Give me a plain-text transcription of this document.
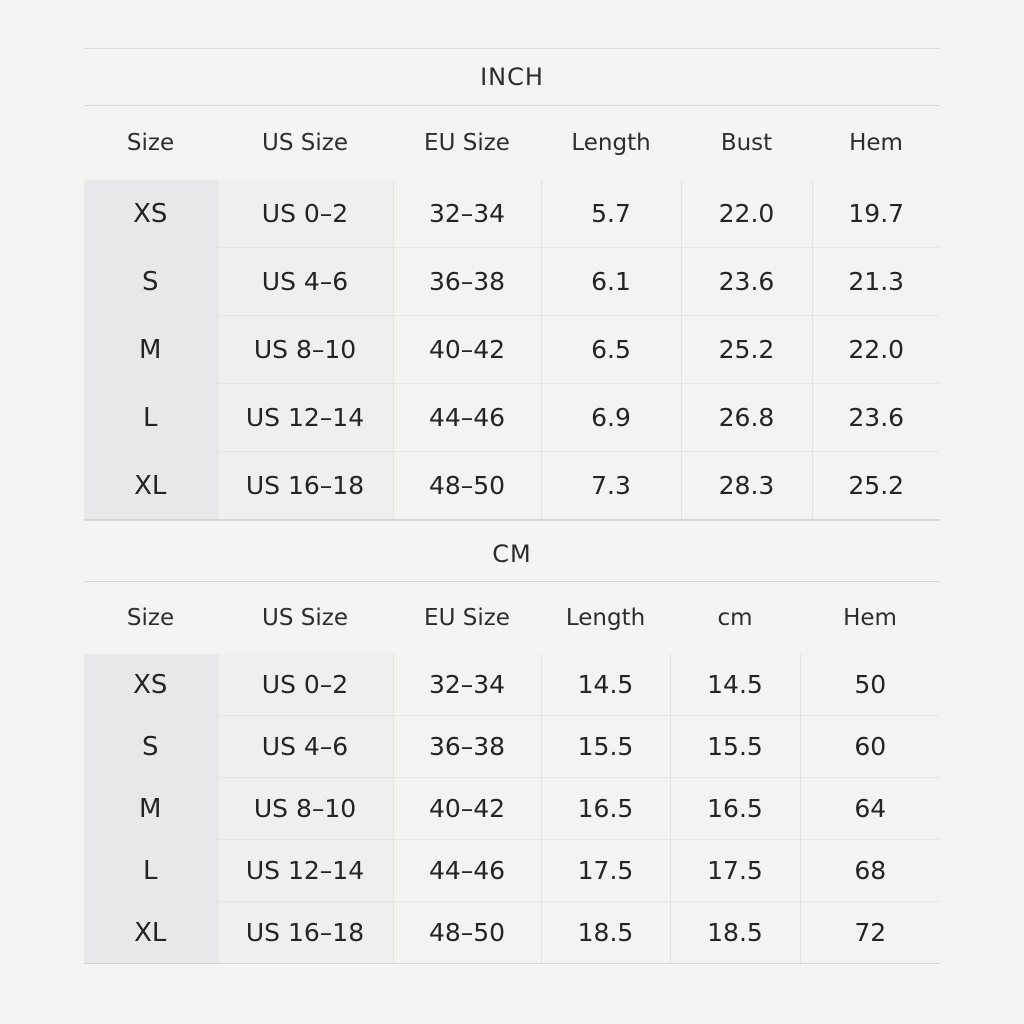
INCH
Size	US Size	EU Size	Length	Bust	Hem
XS	US 0–2	32–34	5.7	22.0	19.7
S	US 4–6	36–38	6.1	23.6	21.3
M	US 8–10	40–42	6.5	25.2	22.0
L	US 12–14	44–46	6.9	26.8	23.6
XL	US 16–18	48–50	7.3	28.3	25.2
CM
Size	US Size	EU Size	Length	cm	Hem
XS	US 0–2	32–34	14.5	14.5	50
S	US 4–6	36–38	15.5	15.5	60
M	US 8–10	40–42	16.5	16.5	64
L	US 12–14	44–46	17.5	17.5	68
XL	US 16–18	48–50	18.5	18.5	72
